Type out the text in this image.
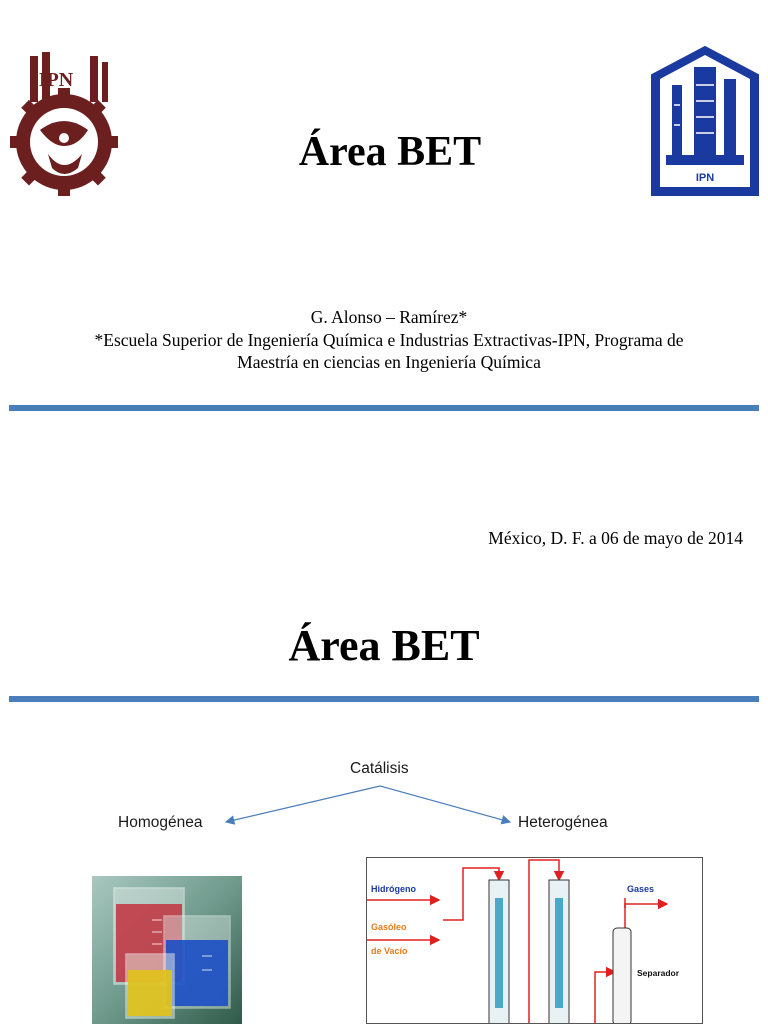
IPN
IPN
Área BET
G. Alonso – Ramírez*
*Escuela Superior de Ingeniería Química e Industrias Extractivas-IPN, Programa de
Maestría en ciencias en Ingeniería Química
México, D. F. a 06 de mayo de 2014
Área BET
Catálisis
Homogénea	Heterogénea
Hidrógeno
Gasóleo
de Vacío
Gases
Separador
